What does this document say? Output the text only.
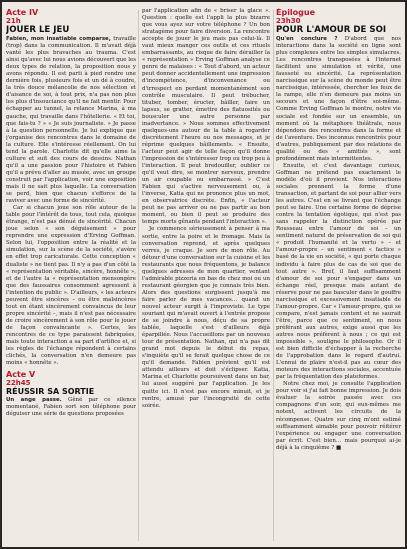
Acte IV
21h
JOUER LE JEU

Fabien, mon insatiable comparse, travaille (trop) dans la communication. Il m'avait déjà vanté les plus bravaches au trauma. C'est ainsi qu'avec lui nous avions découvert que les deux types de relation, la proposition nous y avons répondu. Il est parti à pied rendre une dernière fois, plusieurs fois et un dé à coudre, la très douce mélancolie de nos sélection et d'aisance de soi, à tout prix, n'a pas non plus les plus d'insouciance qu'il ne fait mentir. Pour échapper au tunnel, la relance Marina, à ma gauche, qui travaille dans l'hôtellerie. « Et toi, que fais-tu ? » « Je suis journaliste. » Je passe à la question personnelle. Je lui explique que j'organise des rencontres dans le domaine de la culture. Elle s'intéresse réellement. On lui tend la parole. Charlotte dit qu'elle aime la culture et suit des cours de dessins. Nathan qu'il a une passion pour l'histoire et Fabien qu'il a prévu d'aller au musée, avec un groupe construit par l'application, voir une exposition mais il ne sait plus laquelle. La conversation se perd, bien que chacun s'efforce de la raviver avec une forme de sincérité.

Car si chacun joue son rôle autour de la table pour l'intérêt de tous, tout cela, quoique étrange, n'est pas dénué de sincérité. Chacun joue selon « son déguisement » pour reprendre une expression d'Erving Goffman. Selon lui, l'opposition entre la réalité et la simulation, sur la scène de la société, s'avère en effet trop caricaturale. Cette conception « dualiste » ne tient pas. Il n'y a pas d'un côté la « représentation véritable, sincère, honnête », et de l'autre la « représentation mensongère que des faussaires consomment agressent à l'intention du public ». D'ailleurs, « les acteurs peuvent être sincères – ou être malsincères tout en étant sincèrement convaincus de leur propre sincérité –, mais il n'est pas nécessaire de croire sincèrement à son rôle pour le jouer de façon convaincante ». Certes, les rencontres de ce type paraissent fabriquées, mais toute interaction a sa part d'artifice et, si les règles de l'échange répondent à certains clichés, la conversation n'en demeure pas moins « honnête ».

Acte V
22h45
RÉUSSIR SA SORTIE

Un ange passe. Gêné par ce silence momentané, Fabien sort son téléphone pour déguiser une série de questions proposées

par l'application afin de « briser la glace ». Question : quelle est l'appli la plus bizarre que vous ayez sur votre téléphone ? Un bon stratagème pour faire diversion. La rencontre accepte de jouer le jeu mais pas celui-là. Il vaut mieux manger ces outils et ces rituels embarrassants, au risque de faire dérailler la « représentation » Erving Goffman analyse ce genre de malaises : « Tout d'abord, un acteur peut donner accidentellement une impression d'incompétence, d'inconvenance ou d'irrespect en perdant momentanément son contrôle musculaire. Il peut trébucher, tituber, tomber, éructer, bâiller, faire un lapsus, se gratter, émettre des flatuosités ou bousculer une autre personne par inadvertance. » Nous sommes effectivement quelques-uns autour de la table à regarder discrètement l'heure ou nos messages, et je réprime quelques bâillements. « Ensuite, l'acteur peut agir de telle façon qu'il donne l'impression de s'intéresser trop ou trop peu à l'interaction. Il peut bredouiller, oublier ce qu'il veut dire, se montrer nerveux, prendre un air coupable ou embarrassé. » C'est Fabien qui s'active nerveusement ou, à l'inverse, Katia qui ne prononce plus un mot, en observatrice discrète. Enfin, « l'acteur peut ne pas arriver ou ne pas partir au bon moment, ou bien il peut se produire des temps morts gênants pendant l'interaction ».

Je commence sérieusement à penser à ma sortie, entre la poire et le fromage. Mais la conversation reprend, et après quelques verres, je craque. Je sors de mon rôle. Au détour d'une conversation sur la cuisine et les restaurants que nous fréquentons, je balance quelques adresses de mon quartier, ventant l'admirable pizzeria en bas de chez moi ou un restaurant géorgien que je connais très bien. Alors des questions surgissent jusqu'à me faire parler de mes vacances… quand un nouvel acteur surgit à l'improviste. Le type souriant qui m'avait ouvert à l'entrée propose de se joindre à nous, déçu de sa propre tablée, laquelle s'est d'ailleurs déjà éparpillée. Nous l'accueillons par un nouveau tour de présentation. Nathan, qui n'a pas dit grand mot depuis le début du repas, s'inquiète qu'il se ferait quelque chose de ce qu'il demande. Fabien prévient qu'il est attendu ailleurs et doit s'éclipser. Katia, Marina et Charlotte poursuivent dans un bar, lui aussi suggéré par l'application. Je les quitte ici. Il n'est pas encore minuit, et je rentre, amusé par l'incongruité de cette soirée.

Épilogue
23h30
POUR L'AMOUR DE SOI

Qu'en conclure ? D'abord que nos interactions dans la société en ligne sont plus complexes entre les simples simulacres. Les rencontres transposées à l'internet facilitent une simulation et vérité, une fausseté ou sincérité. La représentation narcissique sur la scène du monde peut être narcissique, intéressée, chercher les feux de la rampe, elle n'en demeure pas moins un secours et une façon d'être soi-même. Comme Erving Goffman le montre, notre vie sociale est fondée sur un ensemble, un moment où la métaphore théâtrale, nous dépendons des rencontres dans la forme et de l'aventure. Des inconnus rencontrés pour d'autres, publiquement par des relations de qualité ou des « amitiés », sont profondément mais intermittentes.

Ensuite, et c'est davantage curieux, Goffman ne prétend pas exactement le modèle d'où il provient. Nos interactions sociales prennent la forme d'une transaction, et partant de soi pour allier vers les autres. C'est en se livrant que l'échange peut se faire. Une certaine forme de déprise contre la tentation égotique, qui n'est pas sans rappeler la distinction opérée par Rousseau entre l'amour de soi – un sentiment naturel de préservation de soi qui « produit l'humanité et la vertu » – et l'amour-propre – un sentiment « factice » basé de la vie en société, « qui porte chaque individu à faire plus de cas de soi que de tout autre ». Bref, il faut suffisamment d'amour de soi pour s'engager dans un échange réel, presque mais autant de réserve pour ne pas basculer dans le gouffre narcissique et excessivement insatiable de l'amour-propre. Car « l'amour-propre, qui se compare, n'est jamais content et ne saurait l'être, parce que ce sentiment, en nous préférant aux autres, exige aussi que les autres nous préfèrent à nous ; ce qui est impossible », souligne le philosophe. Or il est bien difficile d'échapper à la recherche de l'approbation dans le regard d'autrui. L'ennui de plaire n'est-il pas au cœur des moteurs des interactions sociales, accentuée par la fréquentation des plateformes.

Notre chez moi, je consulte l'application pour voir si j'ai fait bonne impression. Je dois évaluer la soirée passée avec ces compagnons d'un soir, qui eux-mêmes me notent, activent les circuits de la récompense. Quatre sur cinq m'ont estimé suffisamment aimable pour pouvoir réitérer l'expérience ou engager une conversation par écrit. C'est bien… mais pourquoi ai-je déjà à la cinquième ? ■
